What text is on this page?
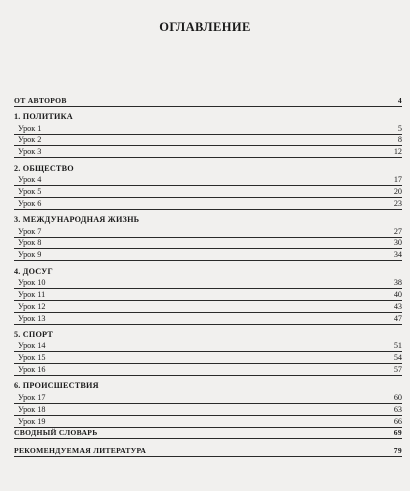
ОГЛАВЛЕНИЕ
ОТ АВТОРОВ	4
1. ПОЛИТИКА
Урок 1	5
Урок 2	8
Урок 3	12
2. ОБЩЕСТВО
Урок 4	17
Урок 5	20
Урок 6	23
3. МЕЖДУНАРОДНАЯ ЖИЗНЬ
Урок 7	27
Урок 8	30
Урок 9	34
4. ДОСУГ
Урок 10	38
Урок 11	40
Урок 12	43
Урок 13	47
5. СПОРТ
Урок 14	51
Урок 15	54
Урок 16	57
6. ПРОИСШЕСТВИЯ
Урок 17	60
Урок 18	63
Урок 19	66
СВОДНЫЙ СЛОВАРЬ	69
РЕКОМЕНДУЕМАЯ ЛИТЕРАТУРА	79
